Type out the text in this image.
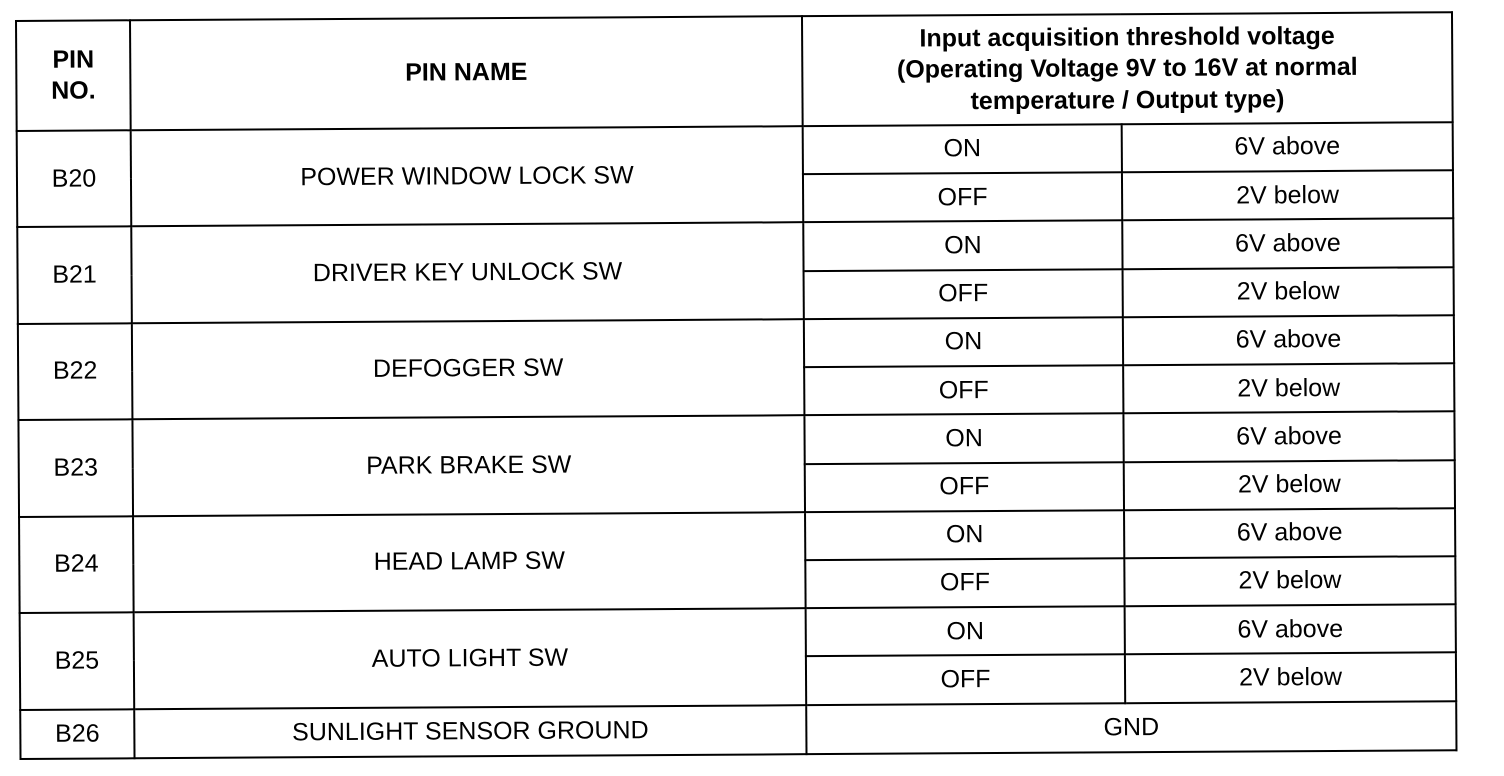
PIN
NO.	PIN NAME	Input acquisition threshold voltage
(Operating Voltage 9V to 16V at normal
temperature / Output type)	
B20	POWER WINDOW LOCK SW	ON	6V above
		OFF	2V below
B21	DRIVER KEY UNLOCK SW	ON	6V above
		OFF	2V below
B22	DEFOGGER SW	ON	6V above
		OFF	2V below
B23	PARK BRAKE SW	ON	6V above
		OFF	2V below
B24	HEAD LAMP SW	ON	6V above
		OFF	2V below
B25	AUTO LIGHT SW	ON	6V above
		OFF	2V below
B26	SUNLIGHT SENSOR GROUND	GND	
